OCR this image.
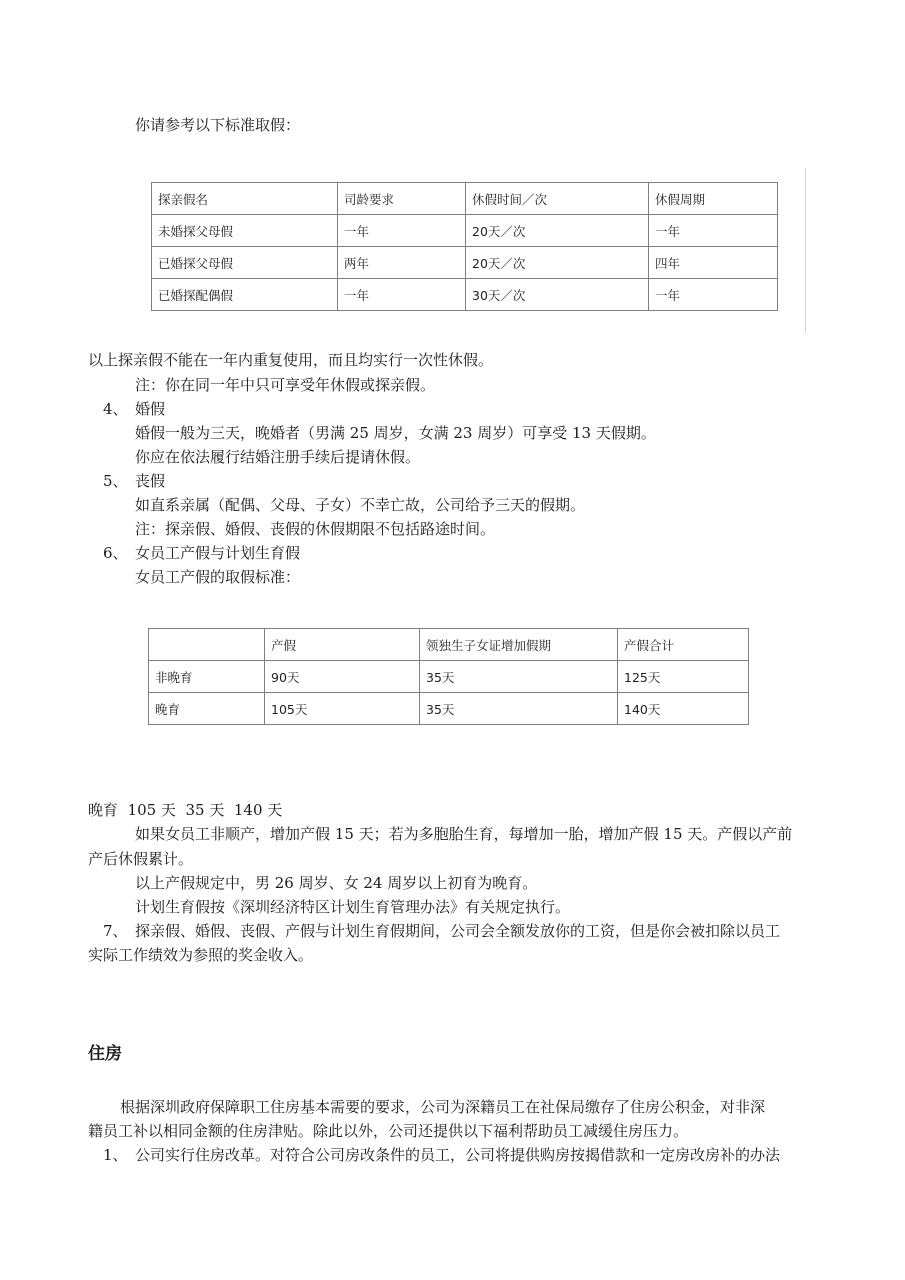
你请参考以下标准取假：
探亲假名	司龄要求	休假时间／次	休假周期
未婚探父母假	一年	20天／次	一年
已婚探父母假	两年	20天／次	四年
已婚探配偶假	一年	30天／次	一年
以上探亲假不能在一年内重复使用，而且均实行一次性休假。
注：你在同一年中只可享受年休假或探亲假。
4、 婚假
婚假一般为三天，晚婚者（男满 25 周岁，女满 23 周岁）可享受 13 天假期。
你应在依法履行结婚注册手续后提请休假。
5、 丧假
如直系亲属（配偶、父母、子女）不幸亡故，公司给予三天的假期。
注：探亲假、婚假、丧假的休假期限不包括路途时间。
6、 女员工产假与计划生育假
女员工产假的取假标准：
	产假	领独生子女证增加假期	产假合计
非晚育	90天	35天	125天
晚育	105天	35天	140天
晚育  105 天  35 天  140 天
如果女员工非顺产，增加产假 15 天；若为多胞胎生育，每增加一胎，增加产假 15 天。产假以产前
产后休假累计。
以上产假规定中，男 26 周岁、女 24 周岁以上初育为晚育。
计划生育假按《深圳经济特区计划生育管理办法》有关规定执行。
7、 探亲假、婚假、丧假、产假与计划生育假期间，公司会全额发放你的工资，但是你会被扣除以员工
实际工作绩效为参照的奖金收入。
住房
根据深圳政府保障职工住房基本需要的要求，公司为深籍员工在社保局缴存了住房公积金，对非深
籍员工补以相同金额的住房津贴。除此以外，公司还提供以下福利帮助员工减缓住房压力。
1、 公司实行住房改革。对符合公司房改条件的员工，公司将提供购房按揭借款和一定房改房补的办法
